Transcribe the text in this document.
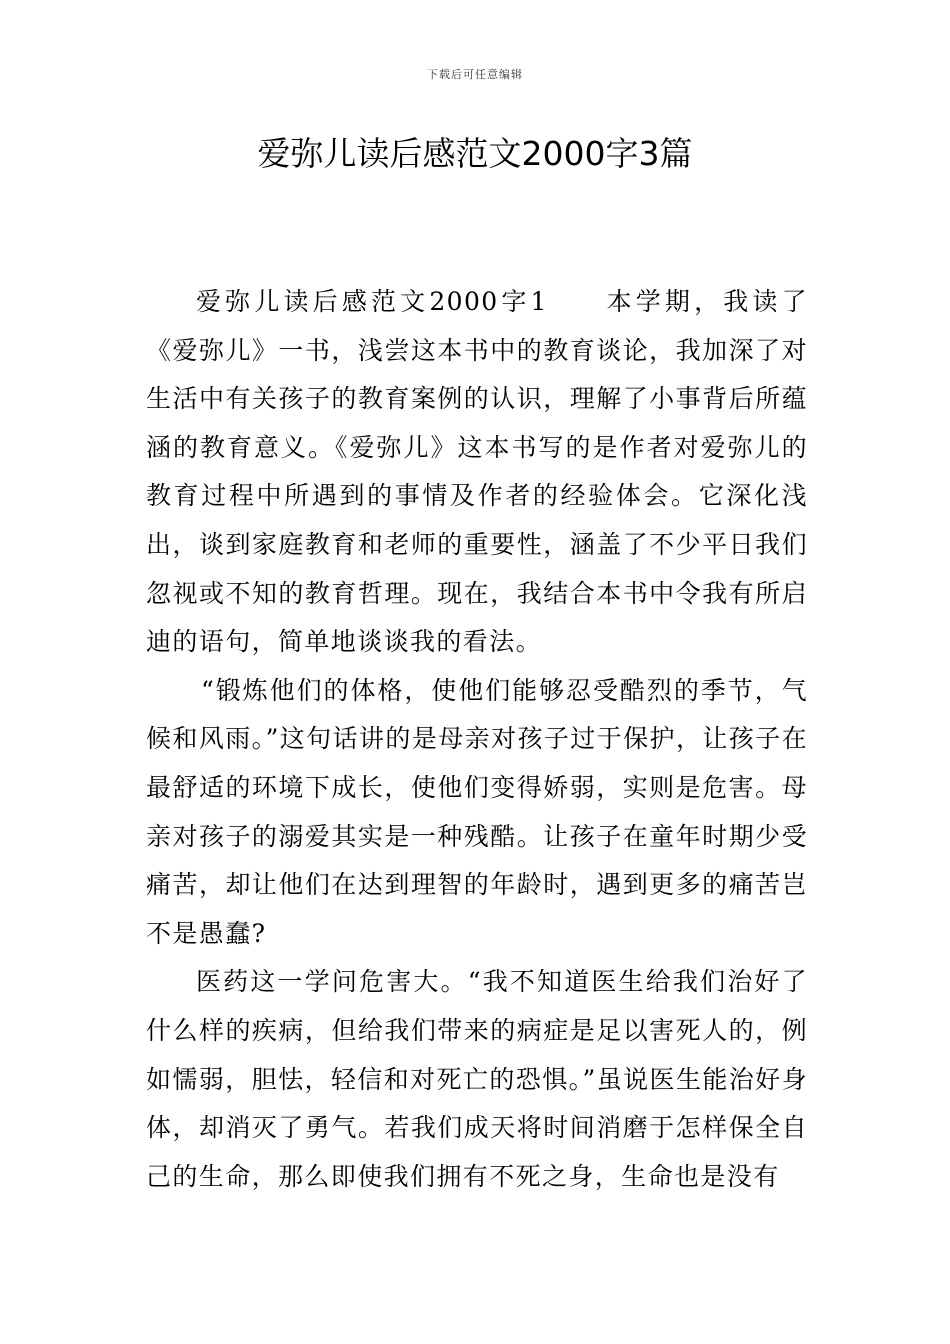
下载后可任意编辑
爱弥儿读后感范文2000字3篇

爱弥儿读后感范文2000字1 本学期，我读了《爱弥儿》一书，浅尝这本书中的教育谈论，我加深了对生活中有关孩子的教育案例的认识，理解了小事背后所蕴涵的教育意义。《爱弥儿》这本书写的是作者对爱弥儿的教育过程中所遇到的事情及作者的经验体会。它深化浅出，谈到家庭教育和老师的重要性，涵盖了不少平日我们忽视或不知的教育哲理。现在，我结合本书中令我有所启迪的语句，简单地谈谈我的看法。

“锻炼他们的体格，使他们能够忍受酷烈的季节，气候和风雨。”这句话讲的是母亲对孩子过于保护，让孩子在最舒适的环境下成长，使他们变得娇弱，实则是危害。母亲对孩子的溺爱其实是一种残酷。让孩子在童年时期少受痛苦，却让他们在达到理智的年龄时，遇到更多的痛苦岂不是愚蠢?

医药这一学问危害大。“我不知道医生给我们治好了什么样的疾病，但给我们带来的病症是足以害死人的，例如懦弱，胆怯，轻信和对死亡的恐惧。”虽说医生能治好身体，却消灭了勇气。若我们成天将时间消磨于怎样保全自己的生命，那么即使我们拥有不死之身，生命也是没有
